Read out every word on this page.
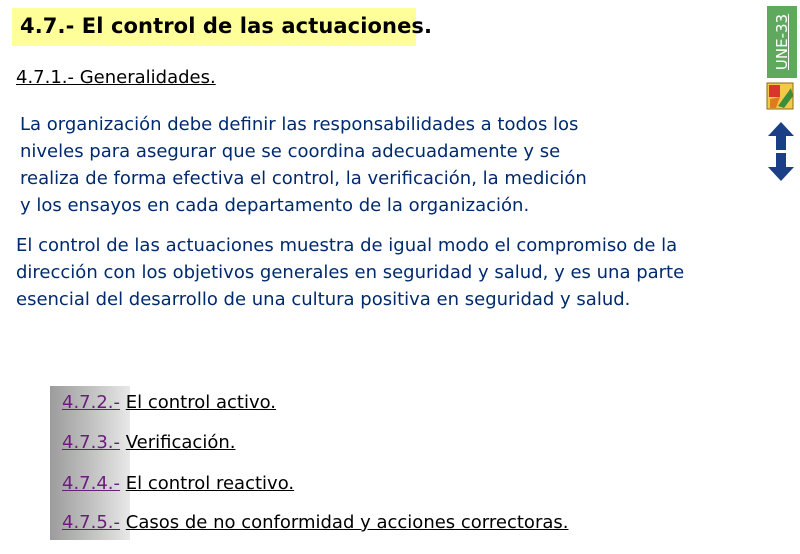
4.7.- El control de las actuaciones.
4.7.1.- Generalidades.
La organización debe definir las responsabilidades a todos los
niveles para asegurar que se coordina adecuadamente y se
realiza de forma efectiva el control, la verificación, la medición
y los ensayos en cada departamento de la organización.
El control de las actuaciones muestra de igual modo el compromiso de la
dirección con los objetivos generales en seguridad y salud, y es una parte
esencial del desarrollo de una cultura positiva en seguridad y salud.
4.7.2.- El control activo.
4.7.3.- Verificación.
4.7.4.- El control reactivo.
4.7.5.- Casos de no conformidad y acciones correctoras.
UNE-33
